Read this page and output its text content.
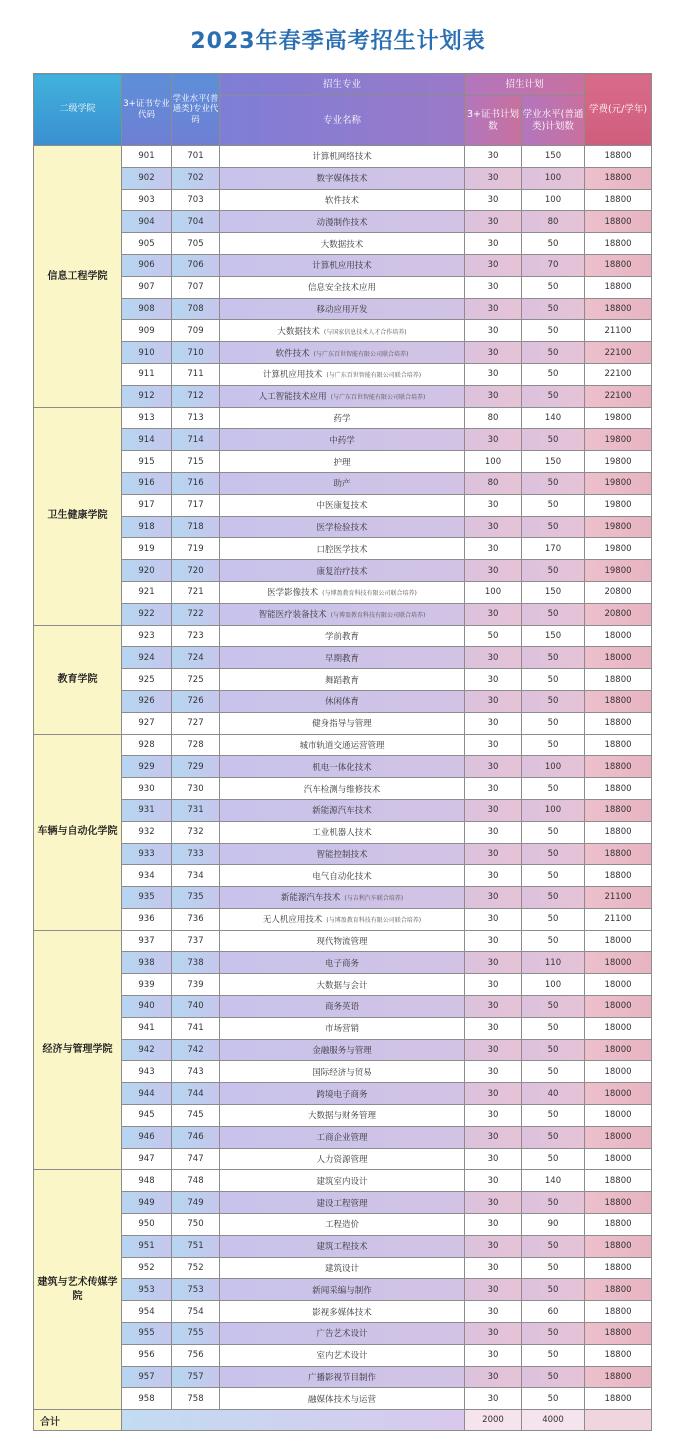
2023年春季高考招生计划表
二级学院	3+证书专业代码	学业水平(普通类)专业代码	招生专业	招生计划		学费(元/学年)
			专业名称	3+证书计划数	学业水平(普通类)计划数	
信息工程学院	901	701	计算机网络技术	30	150	18800
	902	702	数字媒体技术	30	100	18800
	903	703	软件技术	30	100	18800
	904	704	动漫制作技术	30	80	18800
	905	705	大数据技术	30	50	18800
	906	706	计算机应用技术	30	70	18800
	907	707	信息安全技术应用	30	50	18800
	908	708	移动应用开发	30	50	18800
	909	709	大数据技术 (与国家信息技术人才合作培养)	30	50	21100
	910	710	软件技术 (与广东百世智能有限公司联合培养)	30	50	22100
	911	711	计算机应用技术 (与广东百世智能有限公司联合培养)	30	50	22100
	912	712	人工智能技术应用 (与广东百世智能有限公司联合培养)	30	50	22100
卫生健康学院	913	713	药学	80	140	19800
	914	714	中药学	30	50	19800
	915	715	护理	100	150	19800
	916	716	助产	80	50	19800
	917	717	中医康复技术	30	50	19800
	918	718	医学检验技术	30	50	19800
	919	719	口腔医学技术	30	170	19800
	920	720	康复治疗技术	30	50	19800
	921	721	医学影像技术 (与博盈教育科技有限公司联合培养)	100	150	20800
	922	722	智能医疗装备技术 (与博盈教育科技有限公司联合培养)	30	50	20800
教育学院	923	723	学前教育	50	150	18000
	924	724	早期教育	30	50	18000
	925	725	舞蹈教育	30	50	18800
	926	726	休闲体育	30	50	18800
	927	727	健身指导与管理	30	50	18800
车辆与自动化学院	928	728	城市轨道交通运营管理	30	50	18800
	929	729	机电一体化技术	30	100	18800
	930	730	汽车检测与维修技术	30	50	18800
	931	731	新能源汽车技术	30	100	18800
	932	732	工业机器人技术	30	50	18800
	933	733	智能控制技术	30	50	18800
	934	734	电气自动化技术	30	50	18800
	935	735	新能源汽车技术 (与吉利汽车联合培养)	30	50	21100
	936	736	无人机应用技术 (与博盈教育科技有限公司联合培养)	30	50	21100
经济与管理学院	937	737	现代物流管理	30	50	18000
	938	738	电子商务	30	110	18000
	939	739	大数据与会计	30	100	18000
	940	740	商务英语	30	50	18000
	941	741	市场营销	30	50	18000
	942	742	金融服务与管理	30	50	18000
	943	743	国际经济与贸易	30	50	18000
	944	744	跨境电子商务	30	40	18000
	945	745	大数据与财务管理	30	50	18000
	946	746	工商企业管理	30	50	18000
	947	747	人力资源管理	30	50	18000
建筑与艺术传媒学院	948	748	建筑室内设计	30	140	18800
	949	749	建设工程管理	30	50	18800
	950	750	工程造价	30	90	18800
	951	751	建筑工程技术	30	50	18800
	952	752	建筑设计	30	50	18800
	953	753	新闻采编与制作	30	50	18800
	954	754	影视多媒体技术	30	60	18800
	955	755	广告艺术设计	30	50	18800
	956	756	室内艺术设计	30	50	18800
	957	757	广播影视节目制作	30	50	18800
	958	758	融媒体技术与运营	30	50	18800
合计				2000	4000	
